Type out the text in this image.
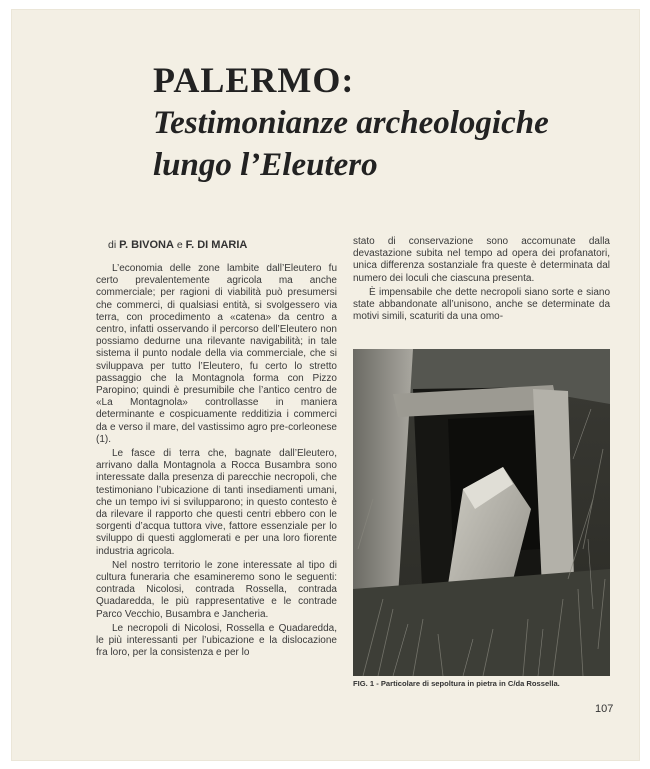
PALERMO:
Testimonianze archeologiche
lungo l’Eleutero
di P. BIVONA e F. DI MARIA

L’economia delle zone lambite dall’Eleutero fu certo prevalentemente agricola ma anche commerciale; per ragioni di viabilità può presumersi che commerci, di qualsiasi entità, si svolgessero via terra, con procedimento a «catena» da centro a centro, infatti osservando il percorso dell’Eleutero non possiamo dedurne una rilevante navigabilità; in tale sistema il punto nodale della via commerciale, che si sviluppava per tutto l’Eleutero, fu certo lo stretto passaggio che la Montagnola forma con Pizzo Paropino; quindi è presumibile che l’antico centro de «La Montagnola» controllasse in maniera determinante e cospicuamente redditizia i commerci da e verso il mare, del vastissimo agro pre-corleonese (1).

Le fasce di terra che, bagnate dall’Eleutero, arrivano dalla Montagnola a Rocca Busambra sono interessate dalla presenza di parecchie necropoli, che testimoniano l’ubicazione di tanti insediamenti umani, che un tempo ivi si svilupparono; in questo contesto è da rilevare il rapporto che questi centri ebbero con le sorgenti d’acqua tuttora vive, fattore essenziale per lo sviluppo di questi agglomerati e per una loro fiorente industria agricola.

Nel nostro territorio le zone interessate al tipo di cultura funeraria che esamineremo sono le seguenti: contrada Nicolosi, contrada Rossella, contrada Quadaredda, le più rappresentative e le contrade Parco Vecchio, Busambra e Jancheria.

Le necropoli di Nicolosi, Rossella e Quadaredda, le più interessanti per l’ubicazione e la dislocazione fra loro, per la consistenza e per lo

stato di conservazione sono accomunate dalla devastazione subita nel tempo ad opera dei profanatori, unica differenza sostanziale fra queste è determinata dal numero dei loculi che ciascuna presenta.

È impensabile che dette necropoli siano sorte e siano state abbandonate all’unisono, anche se determinate da motivi simili, scaturiti da una omo-

FIG. 1 - Particolare di sepoltura in pietra in C/da Rossella.
107
